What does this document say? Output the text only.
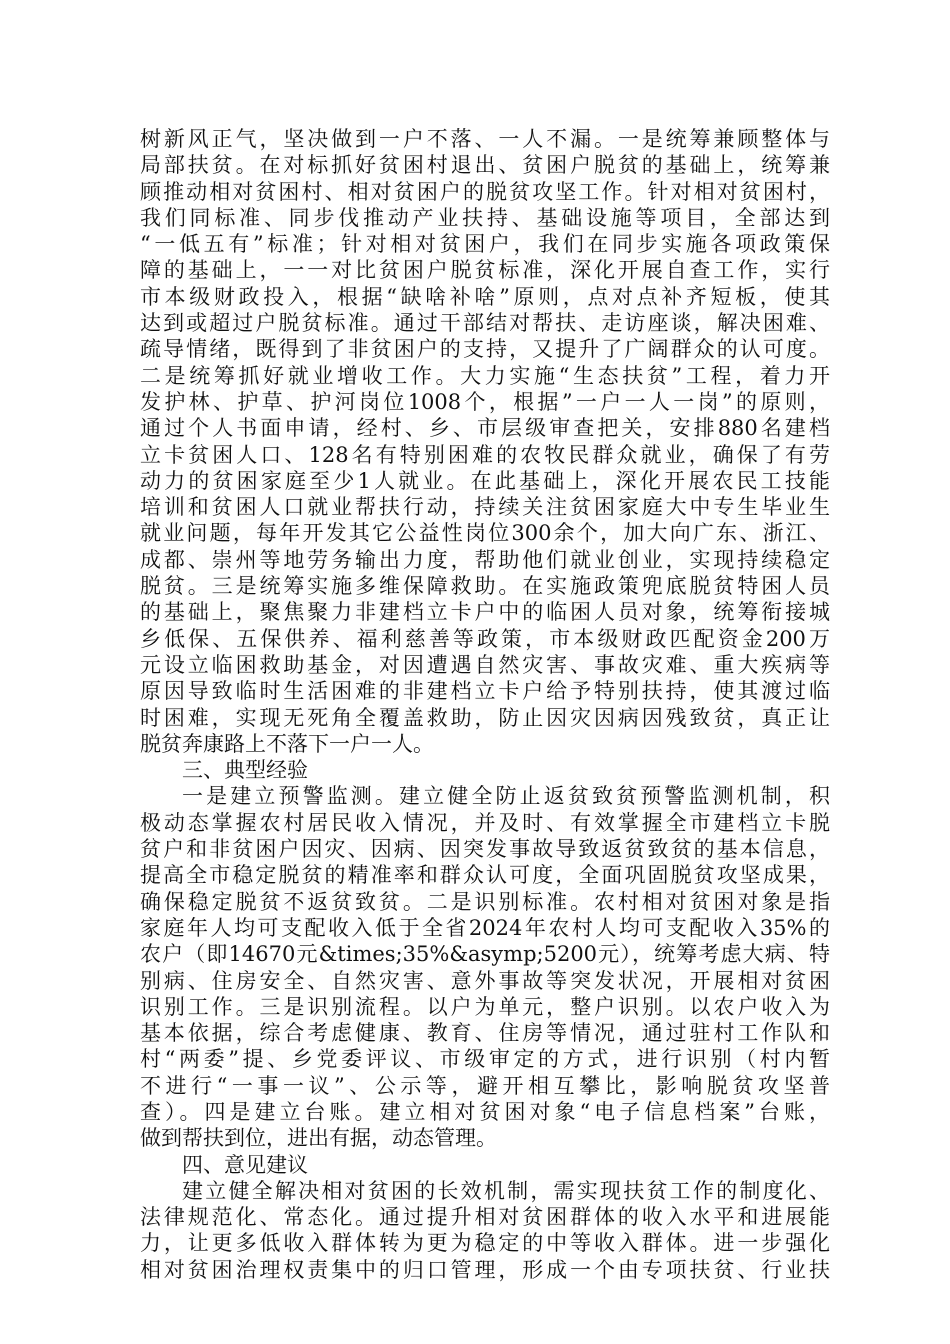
树新风正气，坚决做到一户不落、一人不漏。一是统筹兼顾整体与
局部扶贫。在对标抓好贫困村退出、贫困户脱贫的基础上，统筹兼
顾推动相对贫困村、相对贫困户的脱贫攻坚工作。针对相对贫困村，
我们同标准、同步伐推动产业扶持、基础设施等项目，全部达到
“一低五有”标准；针对相对贫困户，我们在同步实施各项政策保
障的基础上，一一对比贫困户脱贫标准，深化开展自查工作，实行
市本级财政投入，根据“缺啥补啥”原则，点对点补齐短板，使其
达到或超过户脱贫标准。通过干部结对帮扶、走访座谈，解决困难、
疏导情绪，既得到了非贫困户的支持，又提升了广阔群众的认可度。
二是统筹抓好就业增收工作。大力实施“生态扶贫”工程，着力开
发护林、护草、护河岗位1008个，根据”一户一人一岗”的原则，
通过个人书面申请，经村、乡、市层级审查把关，安排880名建档
立卡贫困人口、128名有特别困难的农牧民群众就业，确保了有劳
动力的贫困家庭至少1人就业。在此基础上，深化开展农民工技能
培训和贫困人口就业帮扶行动，持续关注贫困家庭大中专生毕业生
就业问题，每年开发其它公益性岗位300余个，加大向广东、浙江、
成都、崇州等地劳务输出力度，帮助他们就业创业，实现持续稳定
脱贫。三是统筹实施多维保障救助。在实施政策兜底脱贫特困人员
的基础上，聚焦聚力非建档立卡户中的临困人员对象，统筹衔接城
乡低保、五保供养、福利慈善等政策，市本级财政匹配资金200万
元设立临困救助基金，对因遭遇自然灾害、事故灾难、重大疾病等
原因导致临时生活困难的非建档立卡户给予特别扶持，使其渡过临
时困难，实现无死角全覆盖救助，防止因灾因病因残致贫，真正让
脱贫奔康路上不落下一户一人。
三、典型经验
一是建立预警监测。建立健全防止返贫致贫预警监测机制，积
极动态掌握农村居民收入情况，并及时、有效掌握全市建档立卡脱
贫户和非贫困户因灾、因病、因突发事故导致返贫致贫的基本信息，
提高全市稳定脱贫的精准率和群众认可度，全面巩固脱贫攻坚成果，
确保稳定脱贫不返贫致贫。二是识别标准。农村相对贫困对象是指
家庭年人均可支配收入低于全省2024年农村人均可支配收入35%的
农户（即14670元&times;35%&asymp;5200元），统筹考虑大病、特
别病、住房安全、自然灾害、意外事故等突发状况，开展相对贫困
识别工作。三是识别流程。以户为单元，整户识别。以农户收入为
基本依据，综合考虑健康、教育、住房等情况，通过驻村工作队和
村“两委”提、乡党委评议、市级审定的方式，进行识别（村内暂
不进行“一事一议”、公示等，避开相互攀比，影响脱贫攻坚普
查）。四是建立台账。建立相对贫困对象“电子信息档案”台账，
做到帮扶到位，进出有据，动态管理。
四、意见建议
建立健全解决相对贫困的长效机制，需实现扶贫工作的制度化、
法律规范化、常态化。通过提升相对贫困群体的收入水平和进展能
力，让更多低收入群体转为更为稳定的中等收入群体。进一步强化
相对贫困治理权责集中的归口管理，形成一个由专项扶贫、行业扶
